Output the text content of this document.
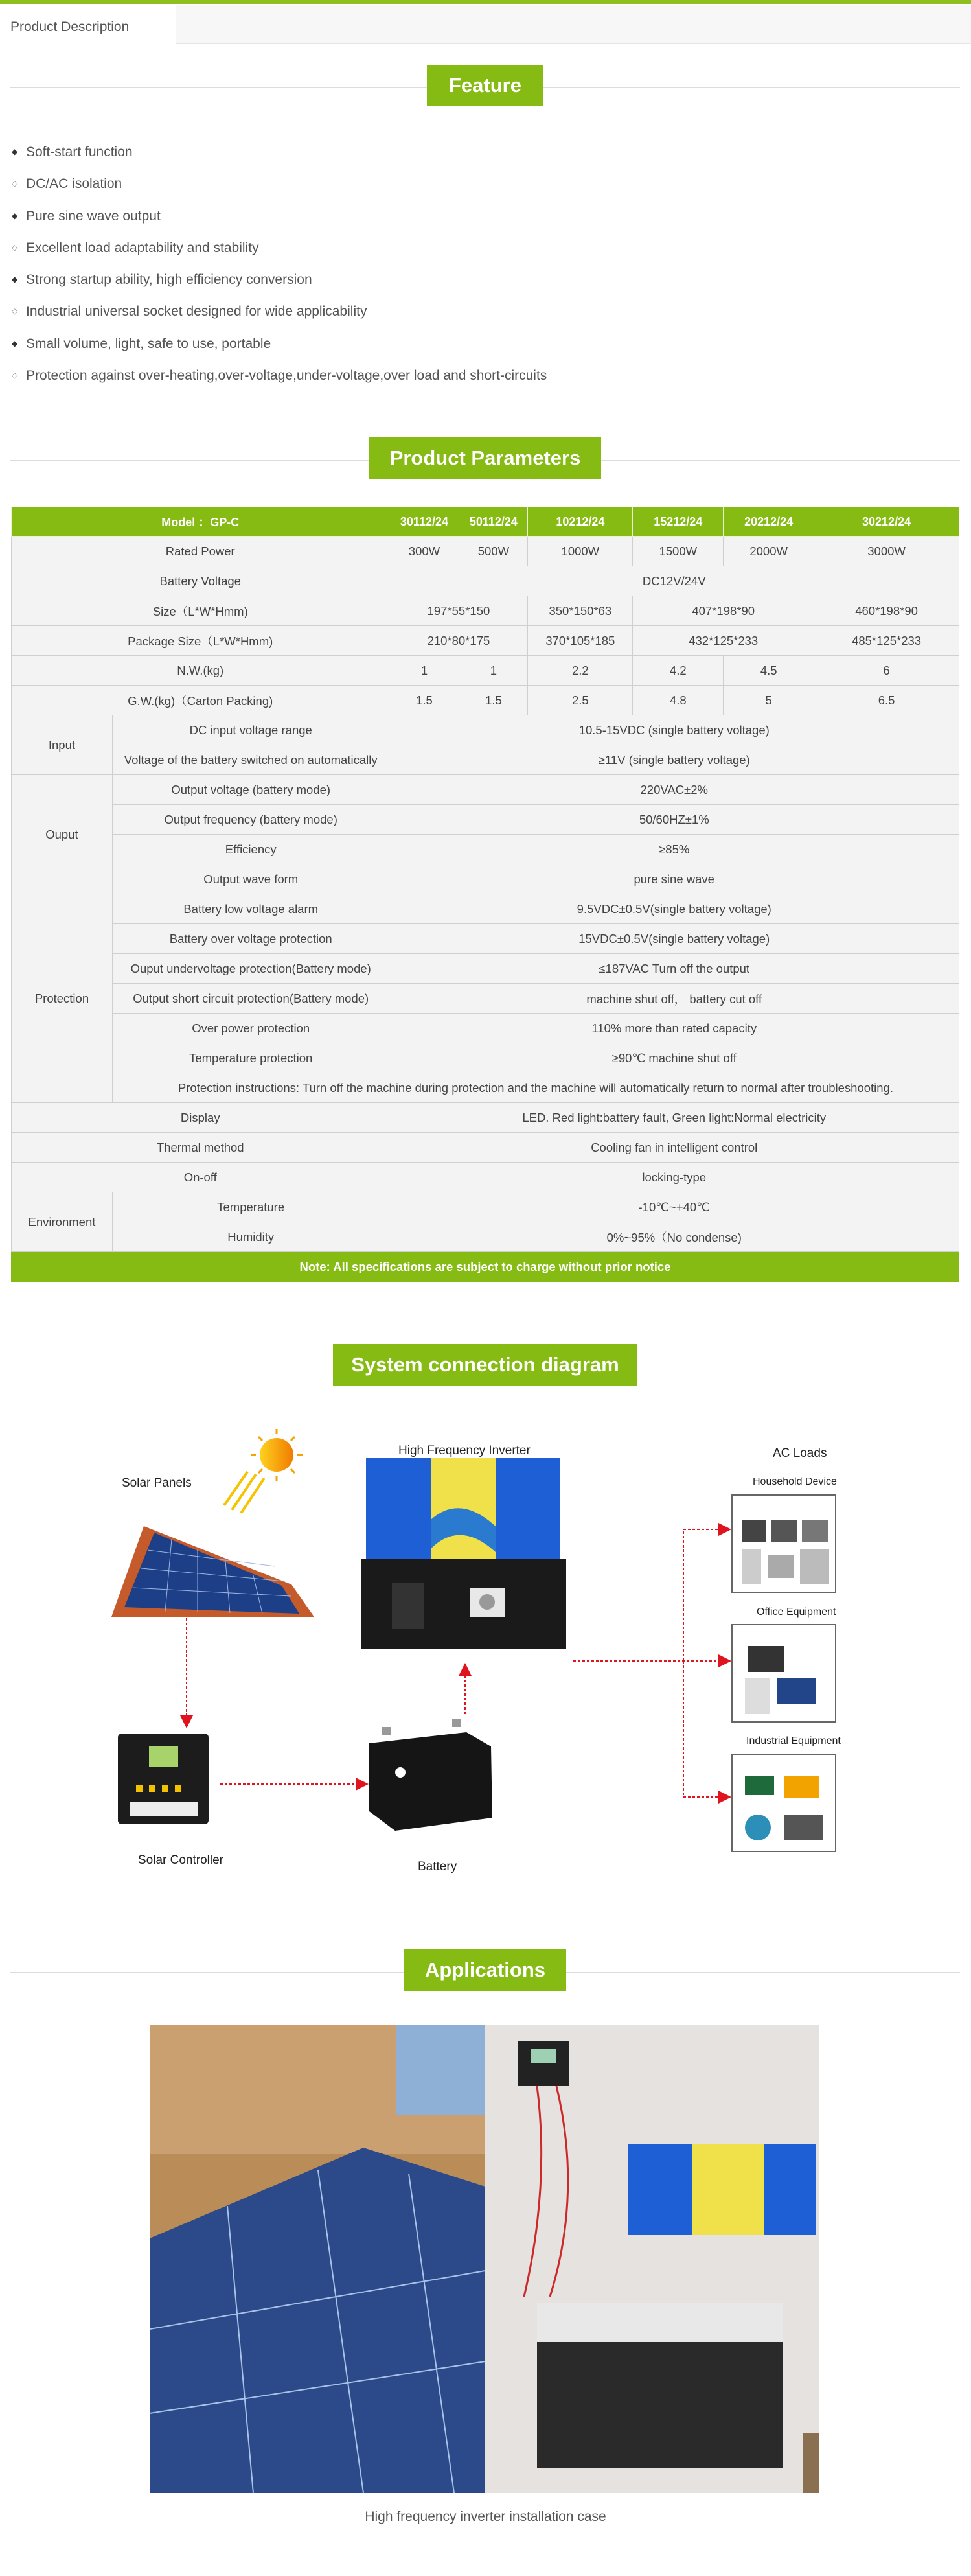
Product Description
Feature
◆ Soft-start function
◇ DC/AC isolation
◆ Pure sine wave output
◇ Excellent load adaptability and stability
◆ Strong startup ability, high efficiency conversion
◇ Industrial universal socket designed for wide applicability
◆ Small volume, light, safe to use, portable
◇ Protection against over-heating,over-voltage,under-voltage,over load and short-circuits
Product Parameters
Model ：GP-C		30112/24	50112/24	10212/24	15212/24	20212/24	30212/24
Rated Power		300W	500W	1000W	1500W	2000W	3000W
Battery Voltage		DC12V/24V					
Size（L*W*Hmm)		197*55*150		350*150*63	407*198*90		460*198*90
Package Size（L*W*Hmm)		210*80*175		370*105*185	432*125*233		485*125*233
N.W.(kg)		1	1	2.2	4.2	4.5	6
G.W.(kg)（Carton Packing)		1.5	1.5	2.5	4.8	5	6.5
Input	DC input voltage range	10.5-15VDC (single battery voltage)					
	Voltage of the battery switched on automatically	≥11V (single battery voltage)					
Ouput	Output voltage (battery mode)	220VAC±2%					
	Output frequency (battery mode)	50/60HZ±1%					
	Efficiency	≥85%					
	Output wave form	pure sine wave					
Protection	Battery low voltage alarm	9.5VDC±0.5V(single battery voltage)					
	Battery over voltage protection	15VDC±0.5V(single battery voltage)					
	Ouput undervoltage protection(Battery mode)	≤187VAC Turn off the output					
	Output short circuit protection(Battery mode)	machine shut off， battery cut off					
	Over power protection	110% more than rated capacity					
	Temperature protection	≥90℃ machine shut off					
	Protection instructions: Turn off the machine during protection and the machine will automatically return to normal after troubleshooting.						
Display		LED. Red light:battery fault, Green light:Normal electricity					
Thermal method		Cooling fan in intelligent control					
On-off		locking-type					
Environment	Temperature	-10℃~+40℃					
	Humidity	0%~95%（No condense)					
Note: All specifications are subject to charge without prior notice							
System connection diagram
Solar Panels
High Frequency Inverter	AC Loads
Household Device
Office Equipment
Industrial Equipment
Solar Controller	Battery
Applications
High frequency inverter installation case
